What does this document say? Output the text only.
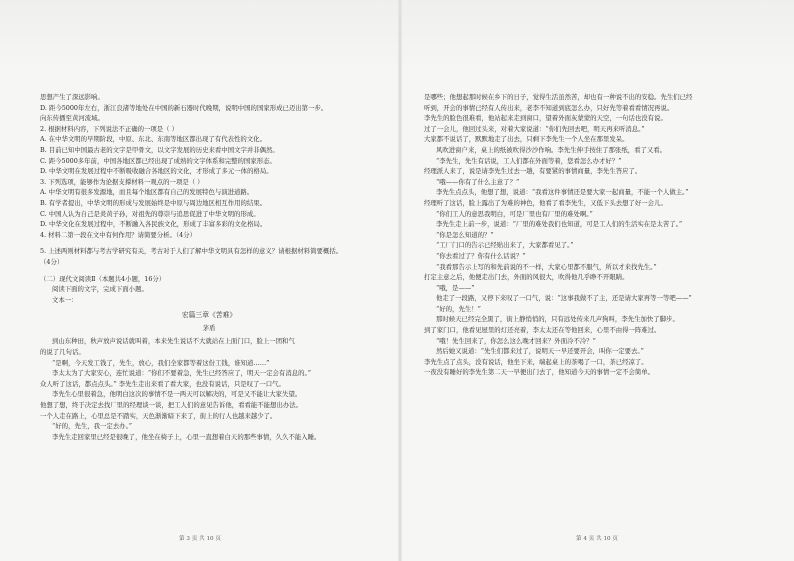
思想产生了深远影响。
D. 距今5000年左右，浙江良渚等地处在中国的新石器时代晚期，说明中国的国家形成已迈出第一步。
向东传播至黄河流域。
2. 根据材料内容，下列说法不正确的一项是（ ）
A. 在中华文明的早期阶段，中原、东北、东南等地区都出现了有代表性的文化。
B. 目前已知中国最古老的文字是甲骨文，以文字发展的历史来看中国文字并非偶然。
C. 距今5000多年前，中国各地区都已经出现了成熟的文字体系和完整的国家形态。
D. 中华文明在发展过程中不断吸收融合各地区的文化，才形成了多元一体的格局。
3. 下列选项，能够作为论据支撑材料一观点的一项是（ ）
A. 中华文明有很多发源地，而且每个地区都有自己的发展特色与演进道路。
B. 有学者提出，中华文明的形成与发展始终是中原与周边地区相互作用的结果。
C. 中国人认为自己是炎黄子孙，对祖先的尊崇与追思促进了中华文明的形成。
D. 中华文化在发展过程中，不断融入各民族文化，形成了丰富多彩的文化格局。
4. 材料二第一段在文中有何作用？请简要分析。（4分）
5. 上述两则材料都与考古学研究有关，考古对于人们了解中华文明具有怎样的意义？请根据材料简要概括。
（4分）
（二）现代文阅读Ⅱ（本题共4小题，16分）
阅读下面的文字，完成下面小题。
文本一：
宏篇三章《苦难》
茅盾
到山东种田，秋声放声说话就叫着，本来先生说话不大就站在上面门口，脸上一团和气
的说了几句话。
“是啊，今天发工钱了，先生，放心，我们全家都等着这份工钱，谁知道……”
李太太为了大家安心，连忙说道：“你们不要着急，先生已经答应了，明天一定会有消息的。”
众人听了这话，都点点头。” 李先生走出来看了看大家，也没有说话，只是叹了一口气。
李先生心里很着急，他明白这次的事情不是一两天可以解决的，可是又不能让大家失望。
他想了想，终于决定去找厂里的经理谈一谈，把工人们的意见告诉他，看看能不能想出办法。
一个人走在路上，心里总是不踏实，天色渐渐暗下来了，街上的行人也越来越少了。
“好的，先生，我一定去办。”
李先生走回家里已经是很晚了，他坐在椅子上，心里一直想着白天的那些事情，久久不能入睡。
第 3 页 共 10 页
是哪些；他想起那时候在乡下的日子，觉得生活虽然苦，却也有一种说不出的安稳。先生们已经
听到，开会的事情已经有人传出来，老李不知道到底怎么办，只好先等着看看情况再说。
李先生的脸色很难看，他站起来走到窗口，望着外面灰蒙蒙的天空，一句话也没有说。
过了一会儿，他回过头来，对着大家说道：“你们先回去吧，明天再来听消息。”
大家都不说话了，默默地走了出去，只剩下李先生一个人坐在那里发呆。
风吹进窗户来，桌上的纸被吹得沙沙作响。李先生伸手按住了那张纸，看了又看。
“李先生，先生有话说，工人们都在外面等着，您看怎么办才好？”
经理派人来了，说是请李先生过去一趟，有要紧的事情商量，李先生答应了。
“哦——你有了什么主意了？”
李先生点点头，他想了想，说道：“我看这件事情还是要大家一起商量，不能一个人做主。”
经理听了这话，脸上露出了为难的神色，他看了看李先生，又低下头去想了好一会儿。
“你们工人的意思我明白，可是厂里也有厂里的难处啊。”
李先生走上前一步，说道：“厂里的难处我们也知道，可是工人们的生活实在是太苦了。”
“你是怎么知道的？”
“工厂门口的告示已经贴出来了，大家都看见了。”
“你去看过了？你有什么话说？”
“我看那告示上写的和先前说的不一样，大家心里都不服气，所以才来找先生。”
打定主意之后，他便走出门去，外面的风很大，吹得他几乎睁不开眼睛。
“哦，是——”
他走了一段路，又停下来叹了一口气，说：“这事我做不了主，还是请大家再等一等吧——”
“好的，先生！”
那时候天已经完全黑了，街上静悄悄的，只有远处传来几声狗叫，李先生加快了脚步。
到了家门口，他看见屋里的灯还亮着，李太太还在等他回来，心里不由得一阵难过。
“哦！先生回来了，你怎么这么晚才回来？外面冷不冷？”
然后她又说道：“先生们都来过了，说明天一早还要开会，叫你一定要去。”
李先生点了点头，没有说话，他坐下来，端起桌上的茶喝了一口，茶已经凉了。
一夜没有睡好的李先生第二天一早便出门去了，他知道今天的事情一定不会简单。
第 4 页 共 10 页
